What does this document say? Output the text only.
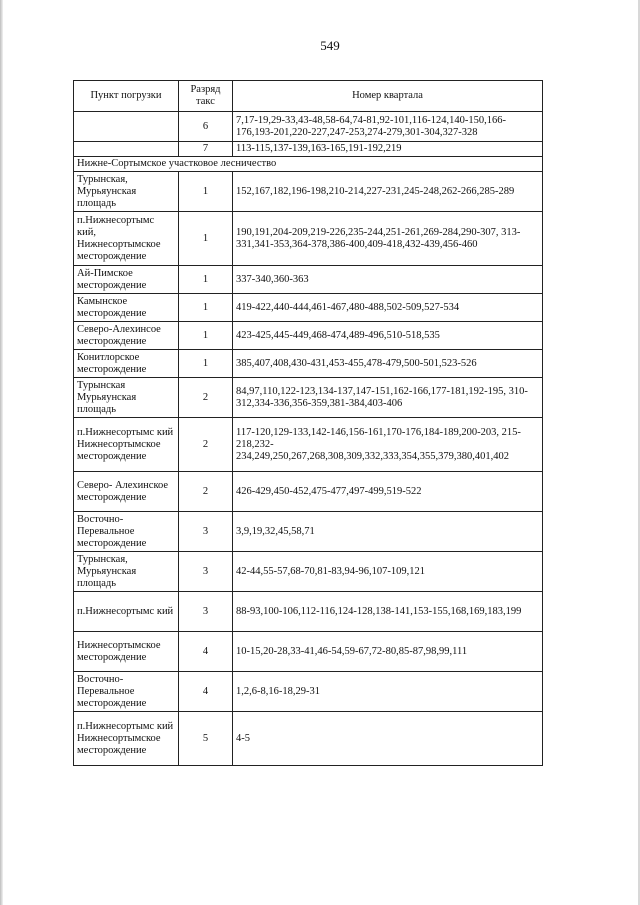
549
Пункт погрузки	Разряд такс	Номер квартала
	6	7,17-19,29-33,43-48,58-64,74-81,92-101,116-124,140-150,166-176,193-201,220-227,247-253,274-279,301-304,327-328
	7	113-115,137-139,163-165,191-192,219
Нижне-Сортымское участковое лесничество		
Турынская, Мурьяунская площадь	1	152,167,182,196-198,210-214,227-231,245-248,262-266,285-289
п.Нижнесортымс кий, Нижнесортымское месторождение	1	190,191,204-209,219-226,235-244,251-261,269-284,290-307, 313-331,341-353,364-378,386-400,409-418,432-439,456-460
Ай-Пимское месторождение	1	337-340,360-363
Камынское месторождение	1	419-422,440-444,461-467,480-488,502-509,527-534
Северо-Алехинсоe месторождение	1	423-425,445-449,468-474,489-496,510-518,535
Конитлорское месторождение	1	385,407,408,430-431,453-455,478-479,500-501,523-526
Турынская Мурьяунская площадь	2	84,97,110,122-123,134-137,147-151,162-166,177-181,192-195, 310-312,334-336,356-359,381-384,403-406
п.Нижнесортымс кий Нижнесортымское месторождение	2	117-120,129-133,142-146,156-161,170-176,184-189,200-203, 215-218,232- 234,249,250,267,268,308,309,332,333,354,355,379,380,401,402
Северо- Алехинское месторождение	2	426-429,450-452,475-477,497-499,519-522
Восточно- Перевальное месторождение	3	3,9,19,32,45,58,71
Турынская, Мурьяунская площадь	3	42-44,55-57,68-70,81-83,94-96,107-109,121
п.Нижнесортымс кий	3	88-93,100-106,112-116,124-128,138-141,153-155,168,169,183,199
Нижнесортымское месторождение	4	10-15,20-28,33-41,46-54,59-67,72-80,85-87,98,99,111
Восточно- Перевальное месторождение	4	1,2,6-8,16-18,29-31
п.Нижнесортымс кий Нижнесортымское месторождение	5	4-5
